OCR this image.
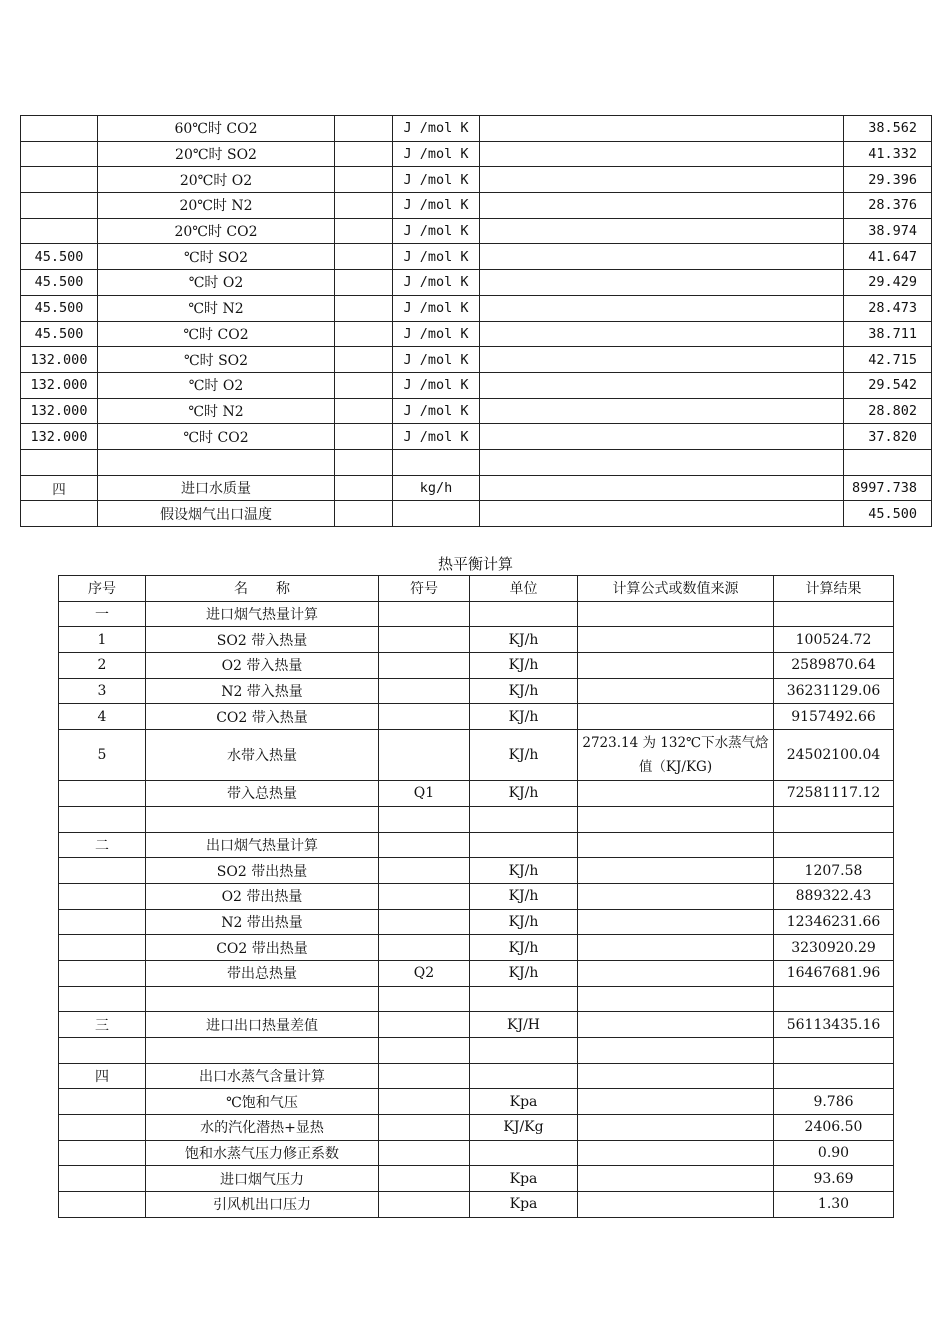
	60℃时 CO2		J /mol K		38.562
	20℃时 SO2		J /mol K		41.332
	20℃时 O2		J /mol K		29.396
	20℃时 N2		J /mol K		28.376
	20℃时 CO2		J /mol K		38.974
45.500	℃时 SO2		J /mol K		41.647
45.500	℃时 O2		J /mol K		29.429
45.500	℃时 N2		J /mol K		28.473
45.500	℃时 CO2		J /mol K		38.711
132.000	℃时 SO2		J /mol K		42.715
132.000	℃时 O2		J /mol K		29.542
132.000	℃时 N2		J /mol K		28.802
132.000	℃时 CO2		J /mol K		37.820

四	进口水质量		kg/h		8997.738
	假设烟气出口温度				45.500
热平衡计算
序号	名　　称	符号	单位	计算公式或数值来源	计算结果
一	进口烟气热量计算				
1	SO2 带入热量		KJ/h		100524.72
2	O2 带入热量		KJ/h		2589870.64
3	N2 带入热量		KJ/h		36231129.06
4	CO2 带入热量		KJ/h		9157492.66
5	水带入热量		KJ/h	2723.14 为 132℃下水蒸气焓值（KJ/KG)	24502100.04
	带入总热量	Q1	KJ/h		72581117.12

二	出口烟气热量计算				
	SO2 带出热量		KJ/h		1207.58
	O2 带出热量		KJ/h		889322.43
	N2 带出热量		KJ/h		12346231.66
	CO2 带出热量		KJ/h		3230920.29
	带出总热量	Q2	KJ/h		16467681.96

三	进口出口热量差值		KJ/H		56113435.16

四	出口水蒸气含量计算				
	℃饱和气压		Kpa		9.786
	水的汽化潜热+显热		KJ/Kg		2406.50
	饱和水蒸气压力修正系数				0.90
	进口烟气压力		Kpa		93.69
	引风机出口压力		Kpa		1.30
